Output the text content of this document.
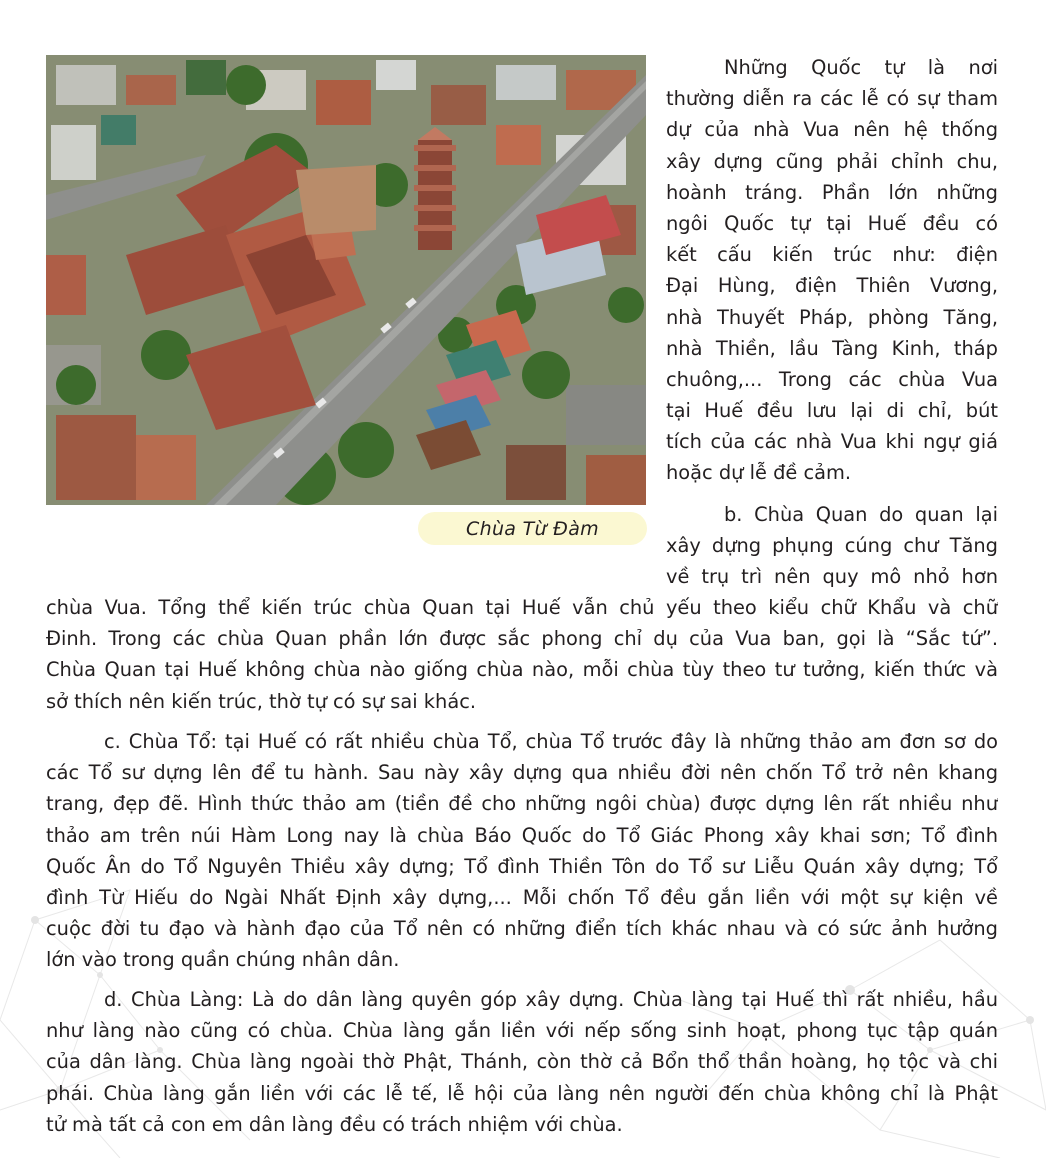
Chùa Từ Đàm
Những Quốc tự là nơi
thường diễn ra các lễ có sự tham
dự của nhà Vua nên hệ thống
xây dựng cũng phải chỉnh chu,
hoành tráng. Phần lớn những
ngôi Quốc tự tại Huế đều có
kết cấu kiến trúc như: điện
Đại Hùng, điện Thiên Vương,
nhà Thuyết Pháp, phòng Tăng,
nhà Thiền, lầu Tàng Kinh, tháp
chuông,... Trong các chùa Vua
tại Huế đều lưu lại di chỉ, bút
tích của các nhà Vua khi ngự giá
hoặc dự lễ đề cảm.
b. Chùa Quan do quan lại
xây dựng phụng cúng chư Tăng
về trụ trì nên quy mô nhỏ hơn
chùa Vua. Tổng thể kiến trúc chùa Quan tại Huế vẫn chủ yếu theo kiểu chữ Khẩu và chữ
Đinh. Trong các chùa Quan phần lớn được sắc phong chỉ dụ của Vua ban, gọi là “Sắc tứ”.
Chùa Quan tại Huế không chùa nào giống chùa nào, mỗi chùa tùy theo tư tưởng, kiến thức và
sở thích nên kiến trúc, thờ tự có sự sai khác.
c. Chùa Tổ: tại Huế có rất nhiều chùa Tổ, chùa Tổ trước đây là những thảo am đơn sơ do
các Tổ sư dựng lên để tu hành. Sau này xây dựng qua nhiều đời nên chốn Tổ trở nên khang
trang, đẹp đẽ. Hình thức thảo am (tiền đề cho những ngôi chùa) được dựng lên rất nhiều như
thảo am trên núi Hàm Long nay là chùa Báo Quốc do Tổ Giác Phong xây khai sơn; Tổ đình
Quốc Ân do Tổ Nguyên Thiều xây dựng; Tổ đình Thiền Tôn do Tổ sư Liễu Quán xây dựng; Tổ
đình Từ Hiếu do Ngài Nhất Định xây dựng,... Mỗi chốn Tổ đều gắn liền với một sự kiện về
cuộc đời tu đạo và hành đạo của Tổ nên có những điển tích khác nhau và có sức ảnh hưởng
lớn vào trong quần chúng nhân dân.
d. Chùa Làng: Là do dân làng quyên góp xây dựng. Chùa làng tại Huế thì rất nhiều, hầu
như làng nào cũng có chùa. Chùa làng gắn liền với nếp sống sinh hoạt, phong tục tập quán
của dân làng. Chùa làng ngoài thờ Phật, Thánh, còn thờ cả Bổn thổ thần hoàng, họ tộc và chi
phái. Chùa làng gắn liền với các lễ tế, lễ hội của làng nên người đến chùa không chỉ là Phật
tử mà tất cả con em dân làng đều có trách nhiệm với chùa.
